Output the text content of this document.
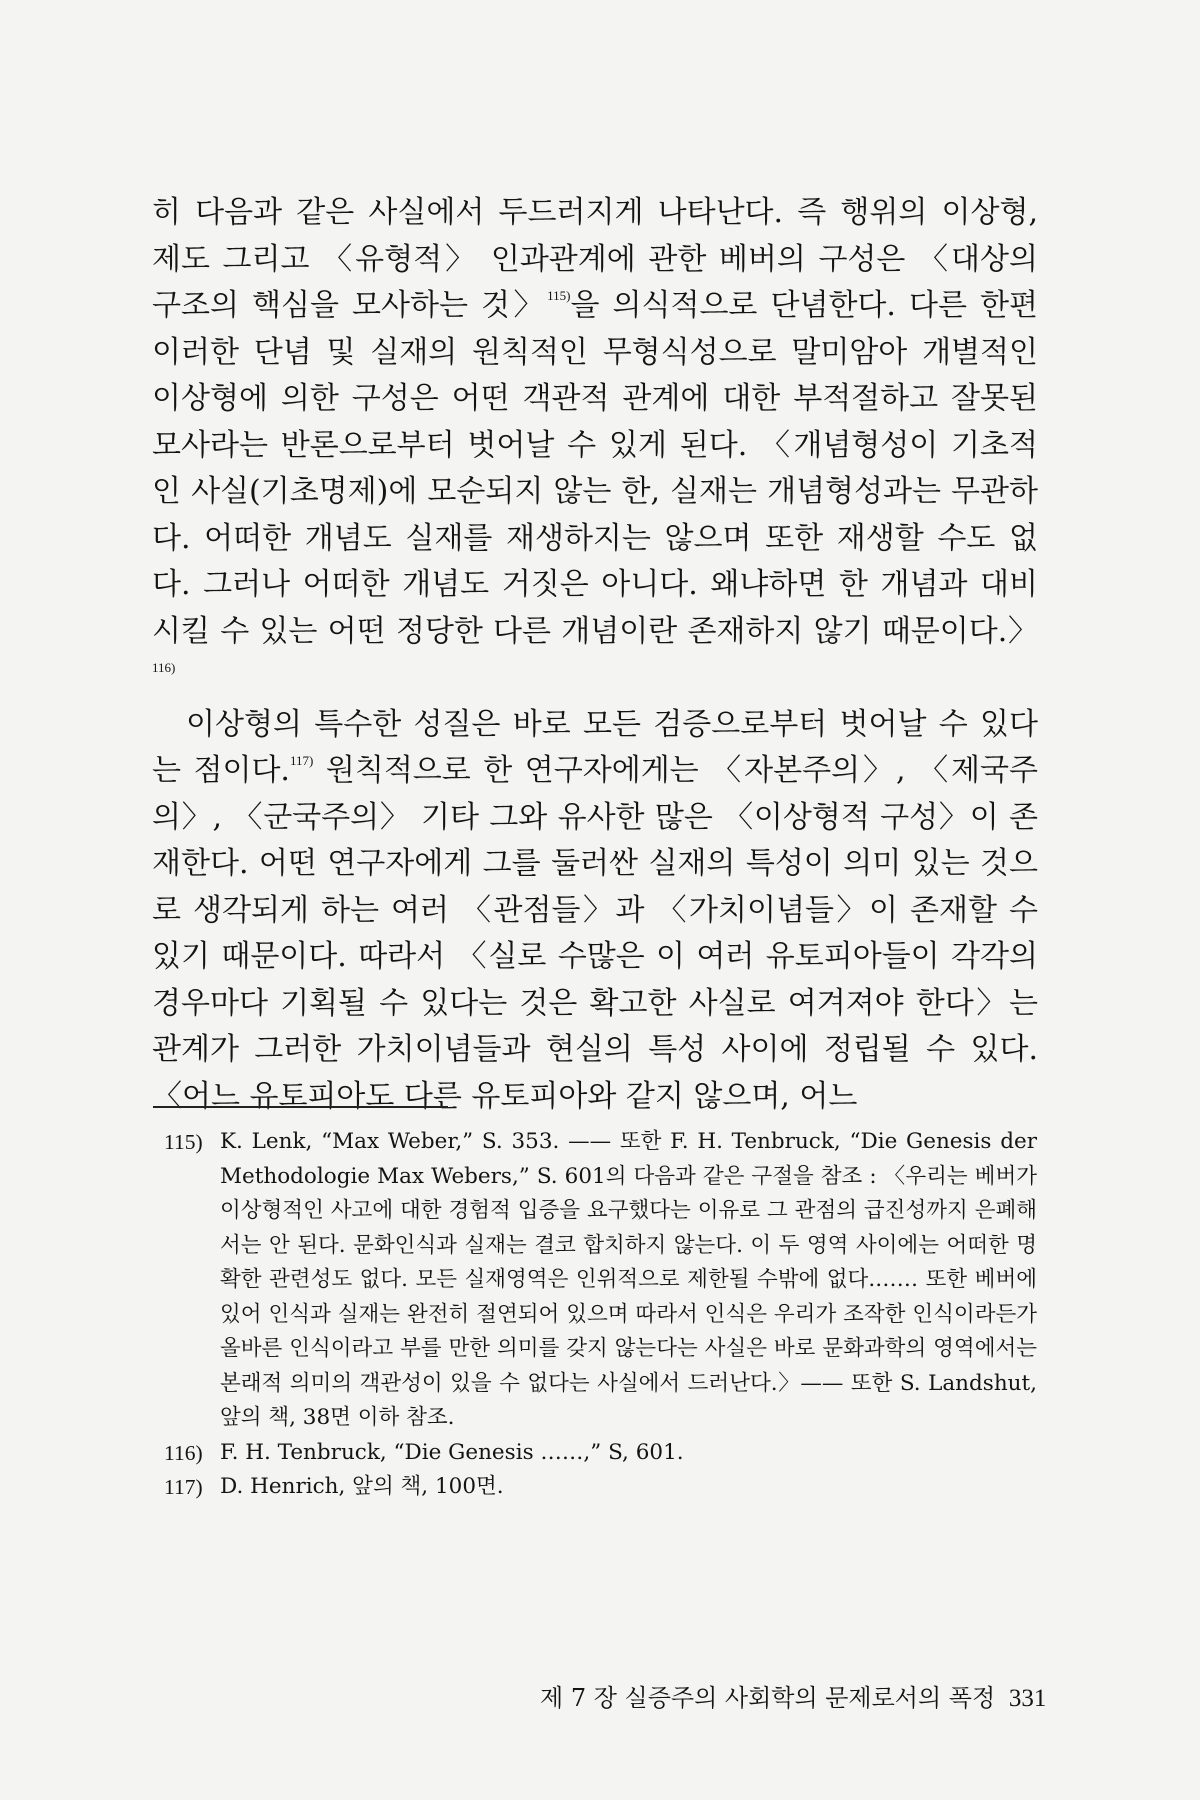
히 다음과 같은 사실에서 두드러지게 나타난다. 즉 행위의 이상형, 제도 그리고 〈유형적〉 인과관계에 관한 베버의 구성은 〈대상의 구조의 핵심을 모사하는 것〉$^{115)}$을 의식적으로 단념한다. 다른 한편 이러한 단념 및 실재의 원칙적인 무형식성으로 말미암아 개별적인 이상형에 의한 구성은 어떤 객관적 관계에 대한 부적절하고 잘못된 모사라는 반론으로부터 벗어날 수 있게 된다. 〈개념형성이 기초적인 사실(기초명제)에 모순되지 않는 한, 실재는 개념형성과는 무관하다. 어떠한 개념도 실재를 재생하지는 않으며 또한 재생할 수도 없다. 그러나 어떠한 개념도 거짓은 아니다. 왜냐하면 한 개념과 대비시킬 수 있는 어떤 정당한 다른 개념이란 존재하지 않기 때문이다.〉$^{116)}$

이상형의 특수한 성질은 바로 모든 검증으로부터 벗어날 수 있다는 점이다.$^{117)}$ 원칙적으로 한 연구자에게는 〈자본주의〉, 〈제국주의〉, 〈군국주의〉 기타 그와 유사한 많은 〈이상형적 구성〉이 존재한다. 어떤 연구자에게 그를 둘러싼 실재의 특성이 의미 있는 것으로 생각되게 하는 여러 〈관점들〉과 〈가치이념들〉이 존재할 수 있기 때문이다. 따라서 〈실로 수많은 이 여러 유토피아들이 각각의 경우마다 기획될 수 있다는 것은 확고한 사실로 여겨져야 한다〉는 관계가 그러한 가치이념들과 현실의 특성 사이에 정립될 수 있다. 〈어느 유토피아도 다른 유토피아와 같지 않으며, 어느

115) K. Lenk, “Max Weber,” S. 353. —— 또한 F. H. Tenbruck, “Die Genesis der Methodologie Max Webers,” S. 601의 다음과 같은 구절을 참조 : 〈우리는 베버가 이상형적인 사고에 대한 경험적 입증을 요구했다는 이유로 그 관점의 급진성까지 은폐해서는 안 된다. 문화인식과 실재는 결코 합치하지 않는다. 이 두 영역 사이에는 어떠한 명확한 관련성도 없다. 모든 실재영역은 인위적으로 제한될 수밖에 없다.…… 또한 베버에 있어 인식과 실재는 완전히 절연되어 있으며 따라서 인식은 우리가 조작한 인식이라든가 올바른 인식이라고 부를 만한 의미를 갖지 않는다는 사실은 바로 문화과학의 영역에서는 본래적 의미의 객관성이 있을 수 없다는 사실에서 드러난다.〉—— 또한 S. Landshut, 앞의 책, 38면 이하 참조.
116) F. H. Tenbruck, “Die Genesis ……,” S, 601.
117) D. Henrich, 앞의 책, 100면.
제 7 장 실증주의 사회학의 문제로서의 폭정 331
